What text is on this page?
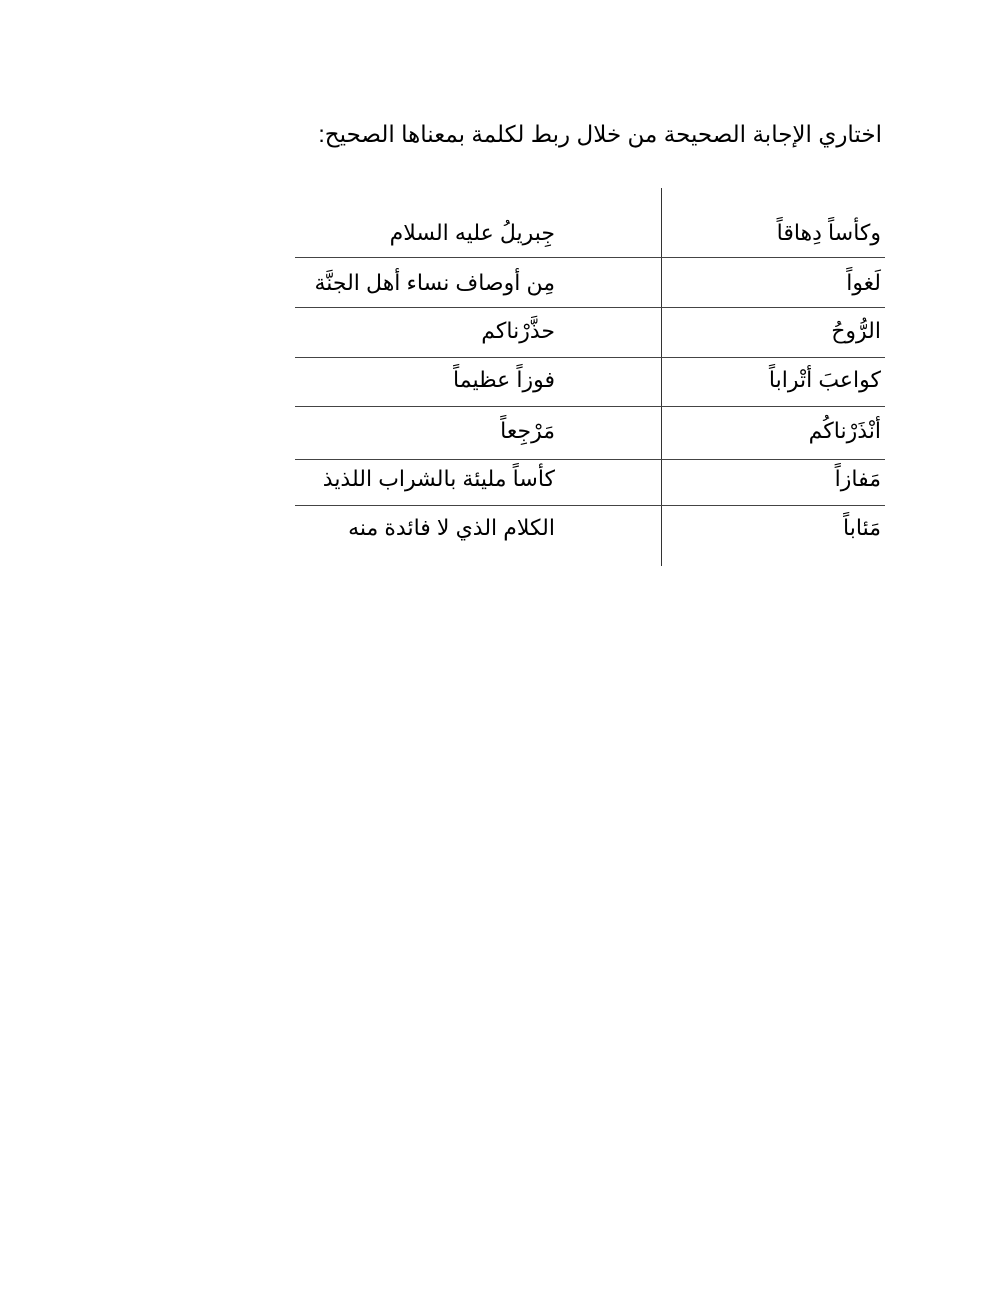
اختاري الإجابة الصحيحة من خلال ربط لكلمة بمعناها الصحيح:
وكأساً دِهاقاً
جِبريلُ عليه السلام
لَغواً
مِن أوصاف نساء أهل الجنَّة
الرُّوحُ
حذَّرْناكم
كواعبَ أتْراباً
فوزاً عظيماً
أنْذَرْناكُم
مَرْجِعاً
مَفازاً
كأساً مليئة بالشراب اللذيذ
مَئاباً
الكلام الذي لا فائدة منه
